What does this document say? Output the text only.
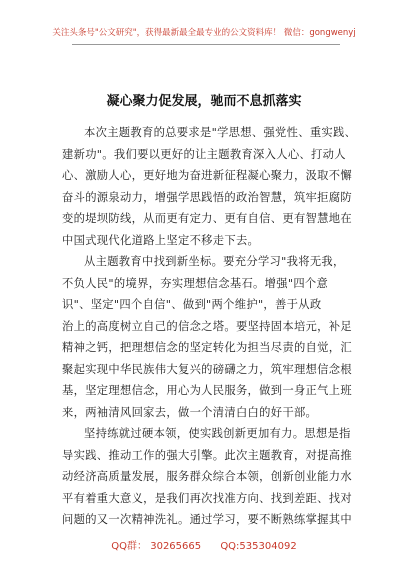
关注头条号"公文研究"，获得最新最全最专业的公文资料库！ 微信：gongwenyj
凝心聚力促发展，驰而不息抓落实
本次主题教育的总要求是"学思想、强党性、重实践、
建新功"。我们要以更好的让主题教育深入人心、打动人
心、激励人心，更好地为奋进新征程凝心聚力，汲取不懈
奋斗的源泉动力，增强学思践悟的政治智慧，筑牢拒腐防
变的堤坝防线，从而更有定力、更有自信、更有智慧地在
中国式现代化道路上坚定不移走下去。
从主题教育中找到新坐标。要充分学习"我将无我，
不负人民"的境界，夯实理想信念基石。增强"四个意
识"、坚定"四个自信"、做到"两个维护"，善于从政
治上的高度树立自己的信念之塔。要坚持固本培元，补足
精神之钙，把理想信念的坚定转化为担当尽责的自觉，汇
聚起实现中华民族伟大复兴的磅礴之力，筑牢理想信念根
基，坚定理想信念，用心为人民服务，做到一身正气上班
来，两袖清风回家去，做一个清清白白的好干部。
坚持练就过硬本领，使实践创新更加有力。思想是指
导实践、推动工作的强大引擎。此次主题教育，对提高推
动经济高质量发展，服务群众综合本领，创新创业能力水
平有着重大意义，是我们再次找准方向、找到差距、找对
问题的又一次精神洗礼。通过学习，要不断熟练掌握其中
QQ群： 30265665 QQ:535304092
